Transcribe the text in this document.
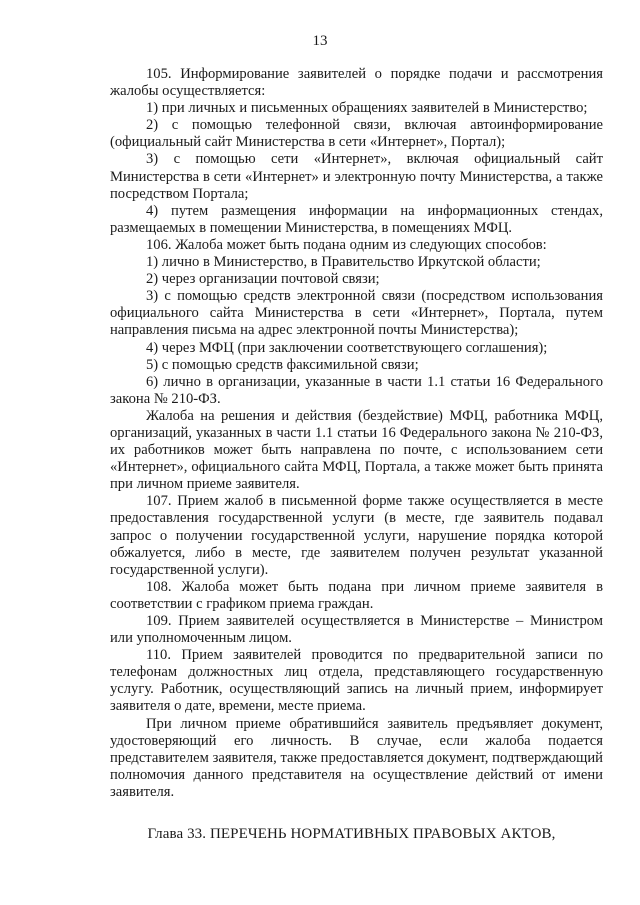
13

105. Информирование заявителей о порядке подачи и рассмотрения жалобы осуществляется:

1) при личных и письменных обращениях заявителей в Министерство;

2) с помощью телефонной связи, включая автоинформирование (официальный сайт Министерства в сети «Интернет», Портал);

3) с помощью сети «Интернет», включая официальный сайт Министерства в сети «Интернет» и электронную почту Министерства, а также посредством Портала;

4) путем размещения информации на информационных стендах, размещаемых в помещении Министерства, в помещениях МФЦ.

106. Жалоба может быть подана одним из следующих способов:

1) лично в Министерство, в Правительство Иркутской области;

2) через организации почтовой связи;

3) с помощью средств электронной связи (посредством использования официального сайта Министерства в сети «Интернет», Портала, путем направления письма на адрес электронной почты Министерства);

4) через МФЦ (при заключении соответствующего соглашения);

5) с помощью средств факсимильной связи;

6) лично в организации, указанные в части 1.1 статьи 16 Федерального закона № 210-ФЗ.

Жалоба на решения и действия (бездействие) МФЦ, работника МФЦ, организаций, указанных в части 1.1 статьи 16 Федерального закона № 210-ФЗ, их работников может быть направлена по почте, с использованием сети «Интернет», официального сайта МФЦ, Портала, а также может быть принята при личном приеме заявителя.

107. Прием жалоб в письменной форме также осуществляется в месте предоставления государственной услуги (в месте, где заявитель подавал запрос о получении государственной услуги, нарушение порядка которой обжалуется, либо в месте, где заявителем получен результат указанной государственной услуги).

108. Жалоба может быть подана при личном приеме заявителя в соответствии с графиком приема граждан.

109. Прием заявителей осуществляется в Министерстве – Министром или уполномоченным лицом.

110. Прием заявителей проводится по предварительной записи по телефонам должностных лиц отдела, представляющего государственную услугу. Работник, осуществляющий запись на личный прием, информирует заявителя о дате, времени, месте приема.

При личном приеме обратившийся заявитель предъявляет документ, удостоверяющий его личность. В случае, если жалоба подается представителем заявителя, также предоставляется документ, подтверждающий полномочия данного представителя на осуществление действий от имени заявителя.

Глава 33. ПЕРЕЧЕНЬ НОРМАТИВНЫХ ПРАВОВЫХ АКТОВ,
